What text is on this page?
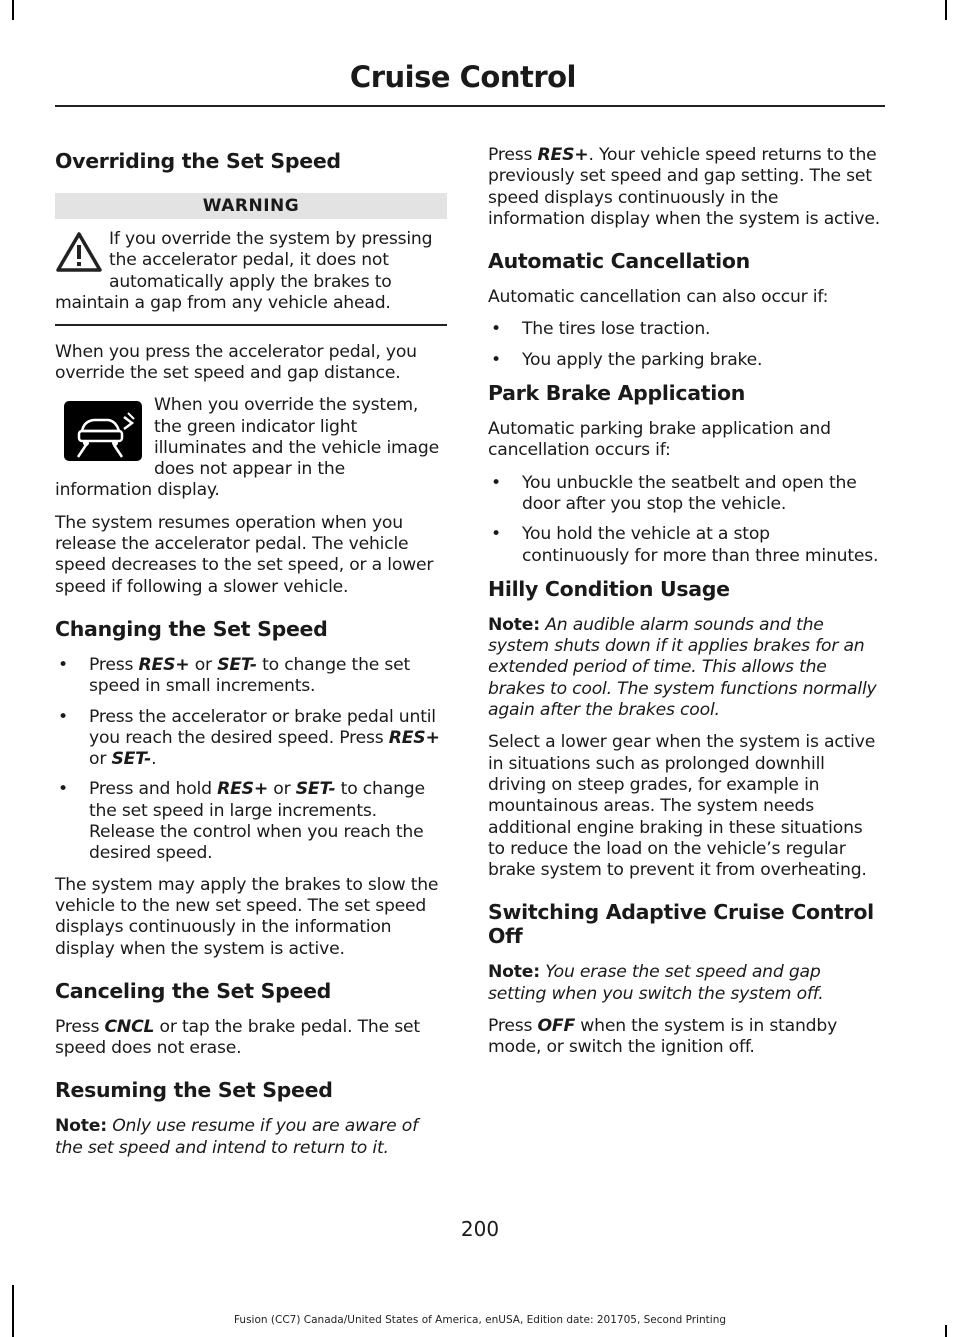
Cruise Control
Overriding the Set Speed
WARNING
If you override the system by pressing the accelerator pedal, it does not automatically apply the brakes to maintain a gap from any vehicle ahead.

When you press the accelerator pedal, you override the set speed and gap distance.

When you override the system, the green indicator light illuminates and the vehicle image does not appear in the information display.

The system resumes operation when you release the accelerator pedal. The vehicle speed decreases to the set speed, or a lower speed if following a slower vehicle.

Changing the Set Speed
• Press RES+ or SET- to change the set speed in small increments.
• Press the accelerator or brake pedal until you reach the desired speed. Press RES+ or SET-.
• Press and hold RES+ or SET- to change the set speed in large increments. Release the control when you reach the desired speed.

The system may apply the brakes to slow the vehicle to the new set speed. The set speed displays continuously in the information display when the system is active.

Canceling the Set Speed

Press CNCL or tap the brake pedal. The set speed does not erase.

Resuming the Set Speed

Note: Only use resume if you are aware of the set speed and intend to return to it.

Press RES+. Your vehicle speed returns to the previously set speed and gap setting. The set speed displays continuously in the information display when the system is active.

Automatic Cancellation

Automatic cancellation can also occur if:

• The tires lose traction.
• You apply the parking brake.
Park Brake Application

Automatic parking brake application and cancellation occurs if:

• You unbuckle the seatbelt and open the door after you stop the vehicle.
• You hold the vehicle at a stop continuously for more than three minutes.
Hilly Condition Usage

Note: An audible alarm sounds and the system shuts down if it applies brakes for an extended period of time. This allows the brakes to cool. The system functions normally again after the brakes cool.

Select a lower gear when the system is active in situations such as prolonged downhill driving on steep grades, for example in mountainous areas. The system needs additional engine braking in these situations to reduce the load on the vehicle’s regular brake system to prevent it from overheating.

Switching Adaptive Cruise Control Off

Note: You erase the set speed and gap setting when you switch the system off.

Press OFF when the system is in standby mode, or switch the ignition off.

200
Fusion (CC7) Canada/United States of America, enUSA, Edition date: 201705, Second Printing
